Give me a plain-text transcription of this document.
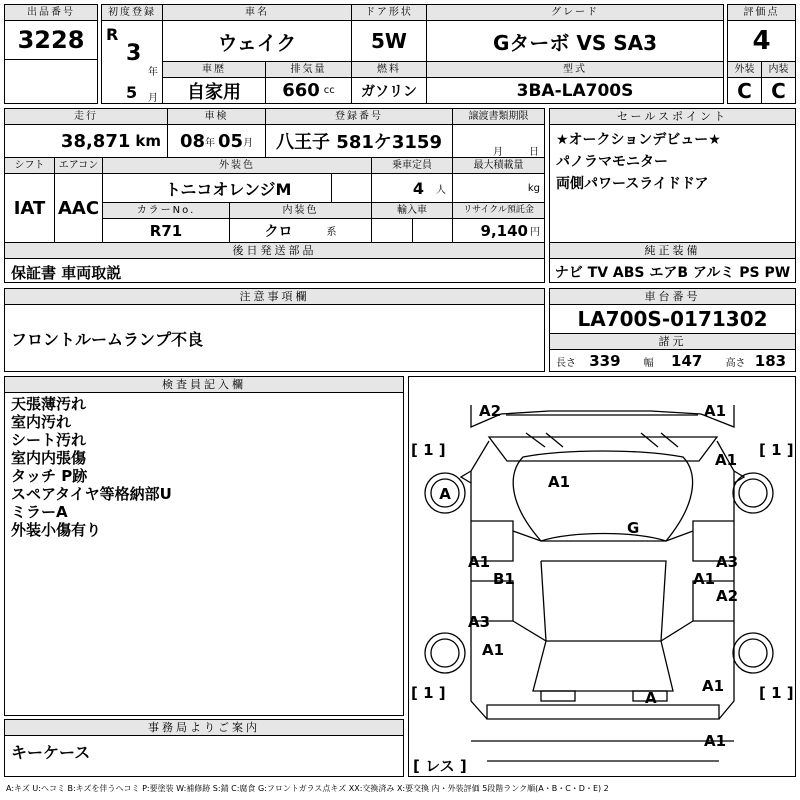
出品番号
3228
初度登録
R
3
年
5 月
車名
ウェイク
ドア形状
5W
グレード
Gターボ VS SA3
評価点
4
車歴
自家用
排気量
660 cc
燃料
ガソリン
型式
3BA-LA700S
外装
C
内装
C
走行
38,871 km
車検
08 年 05 月
登録番号
八王子 581ケ3159
譲渡書類期限
月	日
シフト
IAT
エアコン
AAC
外装色
トニコオレンジM
乗車定員
4 人
最大積載量
kg
カラーNo.
R71
内装色
クロ	系
輸入車	リサイクル預託金
9,140 円
セールスポイント
★オークションデビュー★
パノラマモニター
両側パワースライドドア
後日発送部品
保証書 車両取説
純正装備
ナビ TV ABS エアB アルミ PS PW
注意事項欄
フロントルームランプ不良
車台番号
LA700S-0171302
諸元
長さ 339 幅 147 高さ 183
検査員記入欄
天張薄汚れ
室内汚れ
シート汚れ
室内内張傷
タッチ P跡
スペアタイヤ等格納部U
ミラーA
外装小傷有り
事務局よりご案内
キーケース
[ 1 ]	[ 1 ]
[ 1 ]	[ 1 ]
[ レス ]
A2	A1
A1
A
A1
G
A1	A3
B1	A1
A2
A3
A1
A1
A
A1
A:キズ U:ヘコミ B:キズを伴うヘコミ P:要塗装 W:補修跡 S:錆 C:腐食 G:フロントガラス点キズ XX:交換済み X:要交換 内・外装評価 5段階ランク順(A・B・C・D・E) 2
